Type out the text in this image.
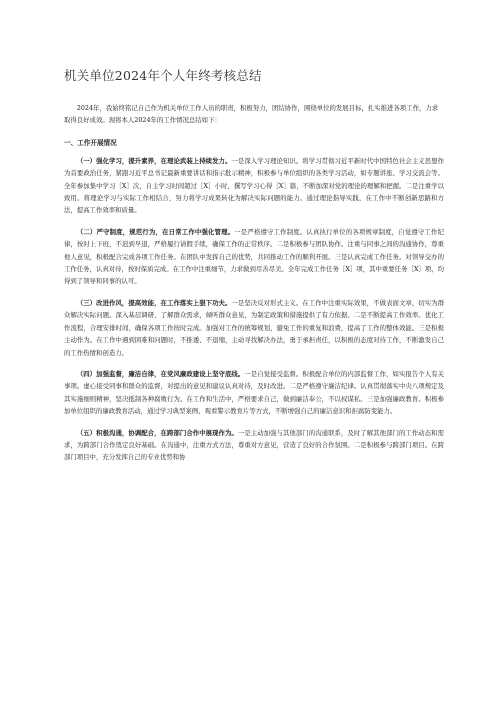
机关单位2024年个人年终考核总结

2024年，我始终铭记自己作为机关单位工作人员的职责，积极努力，团结协作，围绕单位的发展目标，扎实推进各项工作，力求取得良好成效。现将本人2024年的工作情况总结如下：

一、工作开展情况

（一）强化学习，提升素养，在理论武装上持续发力。一是深入学习理论知识。将学习贯彻习近平新时代中国特色社会主义思想作为首要政治任务，紧跟习近平总书记最新重要讲话和指示批示精神，积极参与单位组织的各类学习活动，如专题讲座、学习交流会等。全年参加集中学习［X］次，自主学习时间超过［X］小时，撰写学习心得［X］篇，不断加深对党的理论的理解和把握。二是注重学以致用。将理论学习与实际工作相结合，努力将学习成果转化为解决实际问题的能力。通过理论指导实践，在工作中不断创新思路和方法，提高工作效率和质量。

（二）严守制度，规范行为，在日常工作中强化管理。一是严格遵守工作制度。认真执行单位的各项规章制度，自觉遵守工作纪律，按时上下班，不迟到早退，严格履行请假手续，确保工作的正常秩序。二是积极参与团队协作。注重与同事之间的沟通协作，尊重他人意见，积极配合完成各项工作任务。在团队中发挥自己的优势，共同推动工作的顺利开展。三是认真完成工作任务。对领导交办的工作任务，认真对待，按时保质完成。在工作中注重细节，力求做到尽善尽美。全年完成工作任务［X］项，其中重要任务［X］项，均得到了领导和同事的认可。

（三）改进作风，提高效能，在工作落实上狠下功夫。一是坚决反对形式主义。在工作中注重实际效果，不做表面文章，切实为群众解决实际问题。深入基层调研，了解群众需求，倾听群众意见，为制定政策和措施提供了有力依据。二是不断提高工作效率。优化工作流程，合理安排时间，确保各项工作按时完成。加强对工作的统筹规划，避免工作的重复和浪费，提高了工作的整体效能。三是积极主动作为。在工作中遇到困难和问题时，不推诿、不退缩，主动寻找解决办法，勇于承担责任，以积极的态度对待工作，不断激发自己的工作热情和创造力。

（四）加强监督，廉洁自律，在党风廉政建设上坚守底线。一是自觉接受监督。积极配合单位的内部监督工作，如实报告个人有关事项。虚心接受同事和群众的监督，对提出的意见和建议认真对待，及时改进。二是严格遵守廉洁纪律。认真贯彻落实中央八项规定及其实施细则精神，坚决抵制各种腐败行为。在工作和生活中，严格要求自己，做到廉洁奉公，不以权谋私。三是加强廉政教育。积极参加单位组织的廉政教育活动，通过学习典型案例、观看警示教育片等方式，不断增强自己的廉洁意识和拒腐防变能力。

（五）积极沟通，协调配合，在跨部门合作中展现作为。一是主动加强与其他部门的沟通联系，及时了解其他部门的工作动态和需求，为跨部门合作奠定良好基础。在沟通中，注重方式方法，尊重对方意见，营造了良好的合作氛围。二是积极参与跨部门项目。在跨部门项目中，充分发挥自己的专业优势和协
